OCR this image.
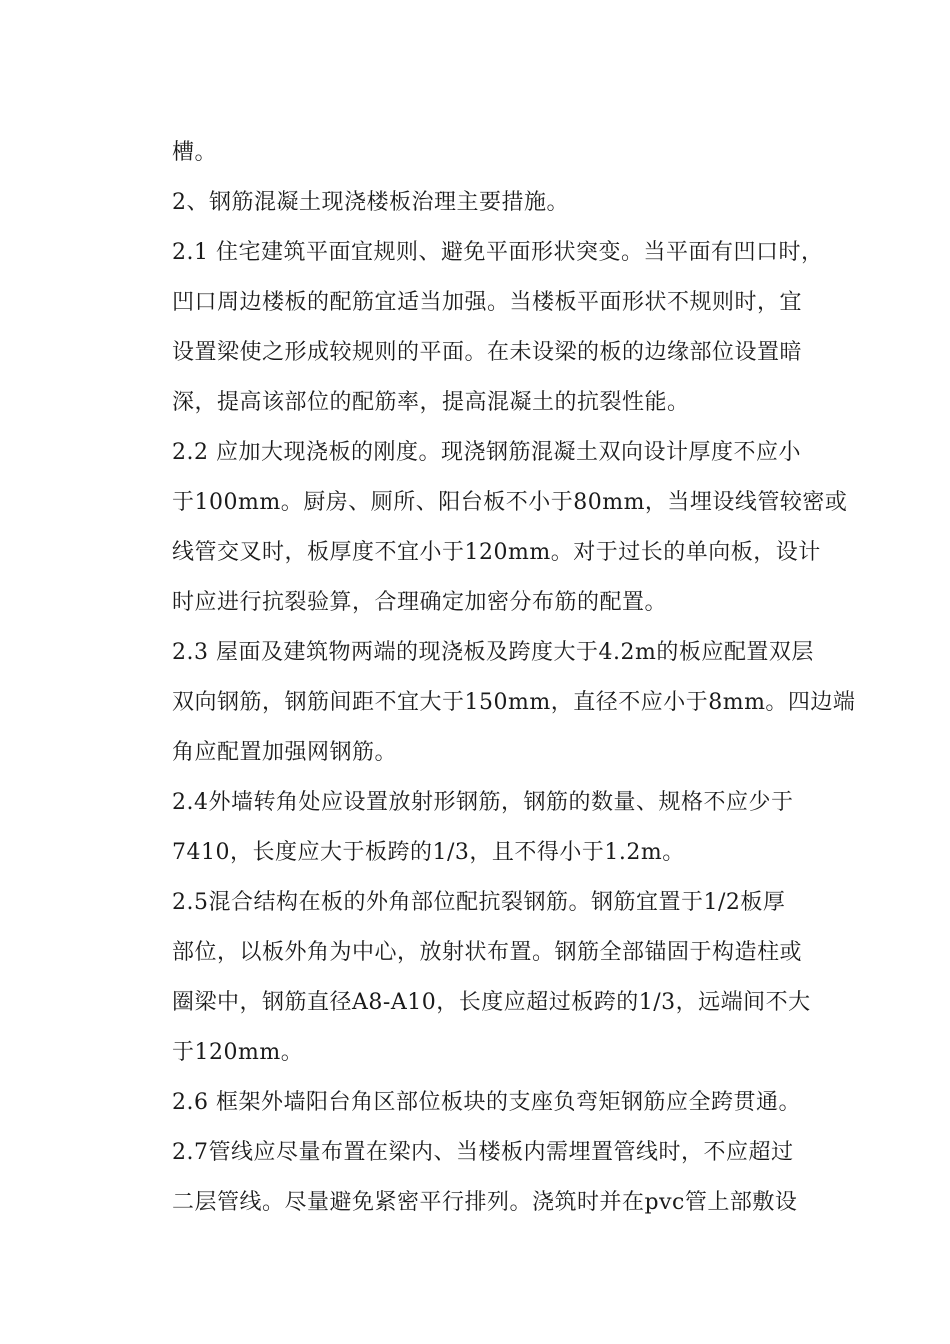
槽。
2、钢筋混凝土现浇楼板治理主要措施。
2.1 住宅建筑平面宜规则、避免平面形状突变。当平面有凹口时，
凹口周边楼板的配筋宜适当加强。当楼板平面形状不规则时，宜
设置梁使之形成较规则的平面。在未设梁的板的边缘部位设置暗
深，提高该部位的配筋率，提高混凝土的抗裂性能。
2.2 应加大现浇板的刚度。现浇钢筋混凝土双向设计厚度不应小
于100mm。厨房、厕所、阳台板不小于80mm，当埋设线管较密或
线管交叉时，板厚度不宜小于120mm。对于过长的单向板，设计
时应进行抗裂验算，合理确定加密分布筋的配置。
2.3 屋面及建筑物两端的现浇板及跨度大于4.2m的板应配置双层
双向钢筋，钢筋间距不宜大于150mm，直径不应小于8mm。四边端
角应配置加强网钢筋。
2.4外墙转角处应设置放射形钢筋，钢筋的数量、规格不应少于
7410，长度应大于板跨的1/3，且不得小于1.2m。
2.5混合结构在板的外角部位配抗裂钢筋。钢筋宜置于1/2板厚
部位，以板外角为中心，放射状布置。钢筋全部锚固于构造柱或
圈梁中，钢筋直径A8-A10，长度应超过板跨的1/3，远端间不大
于120mm。
2.6 框架外墙阳台角区部位板块的支座负弯矩钢筋应全跨贯通。
2.7管线应尽量布置在梁内、当楼板内需埋置管线时，不应超过
二层管线。尽量避免紧密平行排列。浇筑时并在pvc管上部敷设
